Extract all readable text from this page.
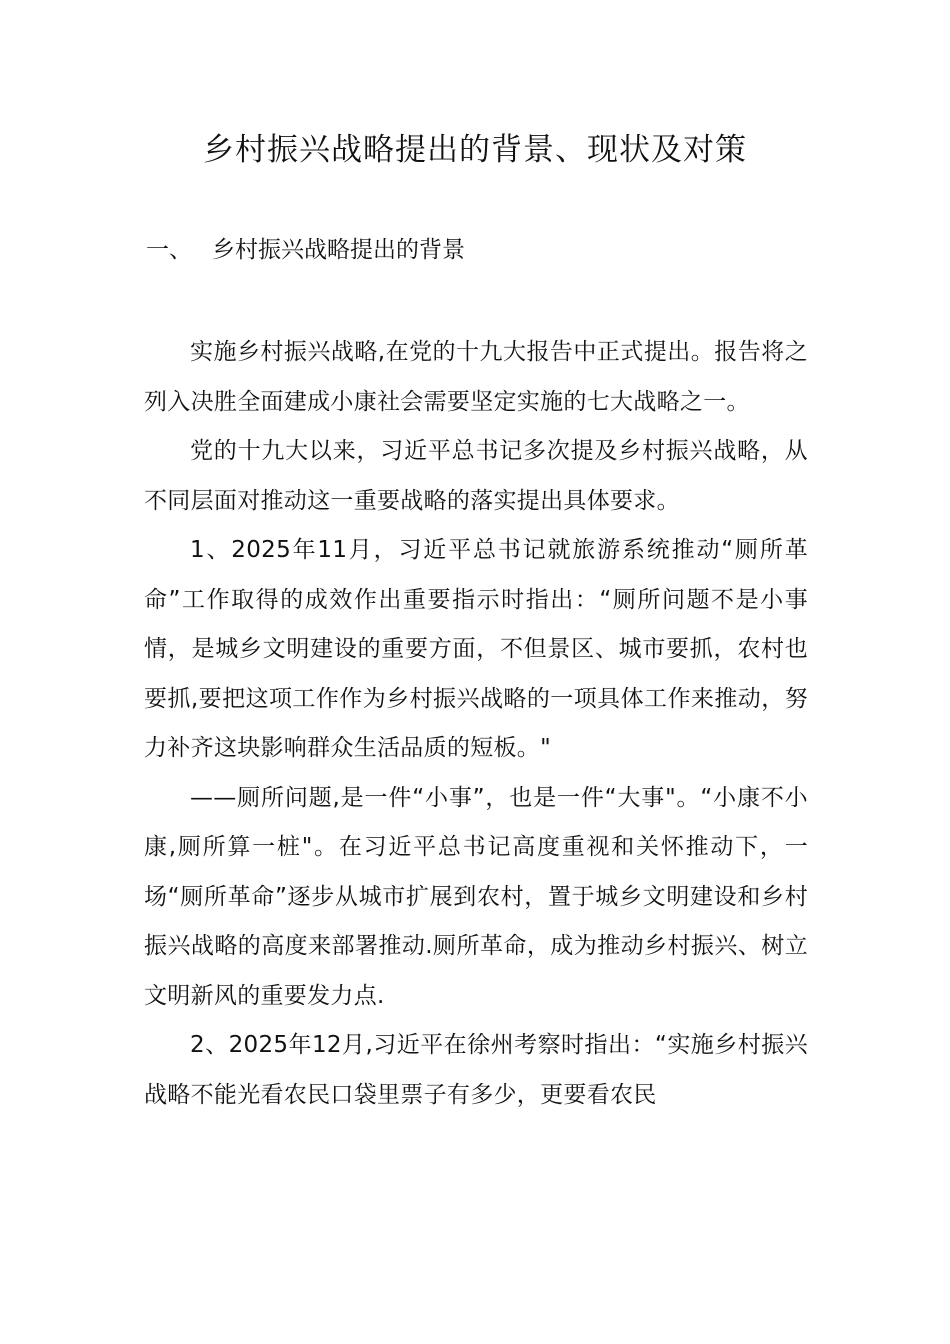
乡村振兴战略提出的背景、现状及对策
一、 乡村振兴战略提出的背景

实施乡村振兴战略,在党的十九大报告中正式提出。报告将之列入决胜全面建成小康社会需要坚定实施的七大战略之一。

党的十九大以来，习近平总书记多次提及乡村振兴战略，从不同层面对推动这一重要战略的落实提出具体要求。

1、2025年11月，习近平总书记就旅游系统推动“厕所革命”工作取得的成效作出重要指示时指出：“厕所问题不是小事情，是城乡文明建设的重要方面，不但景区、城市要抓，农村也要抓,要把这项工作作为乡村振兴战略的一项具体工作来推动，努力补齐这块影响群众生活品质的短板。"

——厕所问题,是一件“小事”，也是一件“大事"。“小康不小康,厕所算一桩"。在习近平总书记高度重视和关怀推动下，一场“厕所革命”逐步从城市扩展到农村，置于城乡文明建设和乡村振兴战略的高度来部署推动.厕所革命，成为推动乡村振兴、树立文明新风的重要发力点.

2、2025年12月,习近平在徐州考察时指出：“实施乡村振兴战略不能光看农民口袋里票子有多少，更要看农民
